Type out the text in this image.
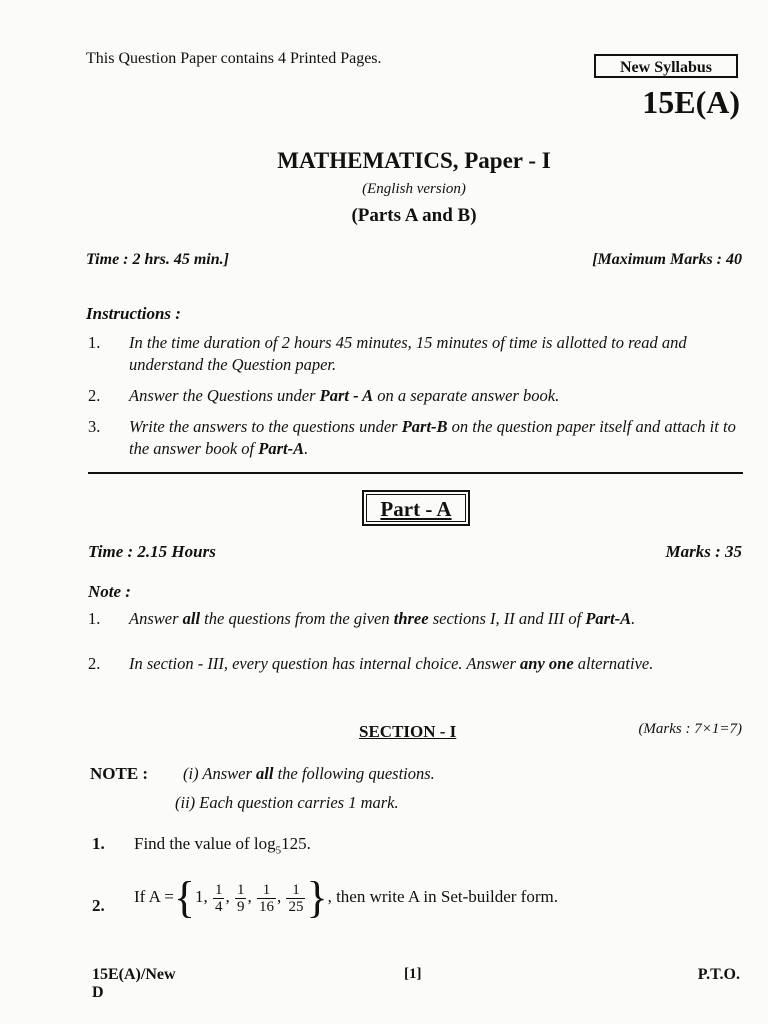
This Question Paper contains 4 Printed Pages.
New Syllabus
15E(A)
MATHEMATICS, Paper - I
(English version)
(Parts A and B)
Time : 2 hrs. 45 min.]	[Maximum Marks : 40
Instructions :
1. In the time duration of 2 hours 45 minutes, 15 minutes of time is allotted to read and understand the Question paper.
2. Answer the Questions under Part - A on a separate answer book.
3. Write the answers to the questions under Part-B on the question paper itself and attach it to the answer book of Part-A.
Part - A
Time : 2.15 Hours	Marks : 35
Note :
1. Answer all the questions from the given three sections I, II and III of Part-A.
2. In section - III, every question has internal choice. Answer any one alternative.
SECTION - I	(Marks : 7×1=7)
NOTE : (i) Answer all the following questions.
(ii) Each question carries 1 mark.
1. Find the value of $\log_5125$.
2. If A ={1, $\frac{1}{4}$ , $\frac{1}{9}$ , $\frac{1}{16}$ , $\frac{1}{25}$ }, then write A in Set-builder form.
15E(A)/New
D
[1]	P.T.O.
